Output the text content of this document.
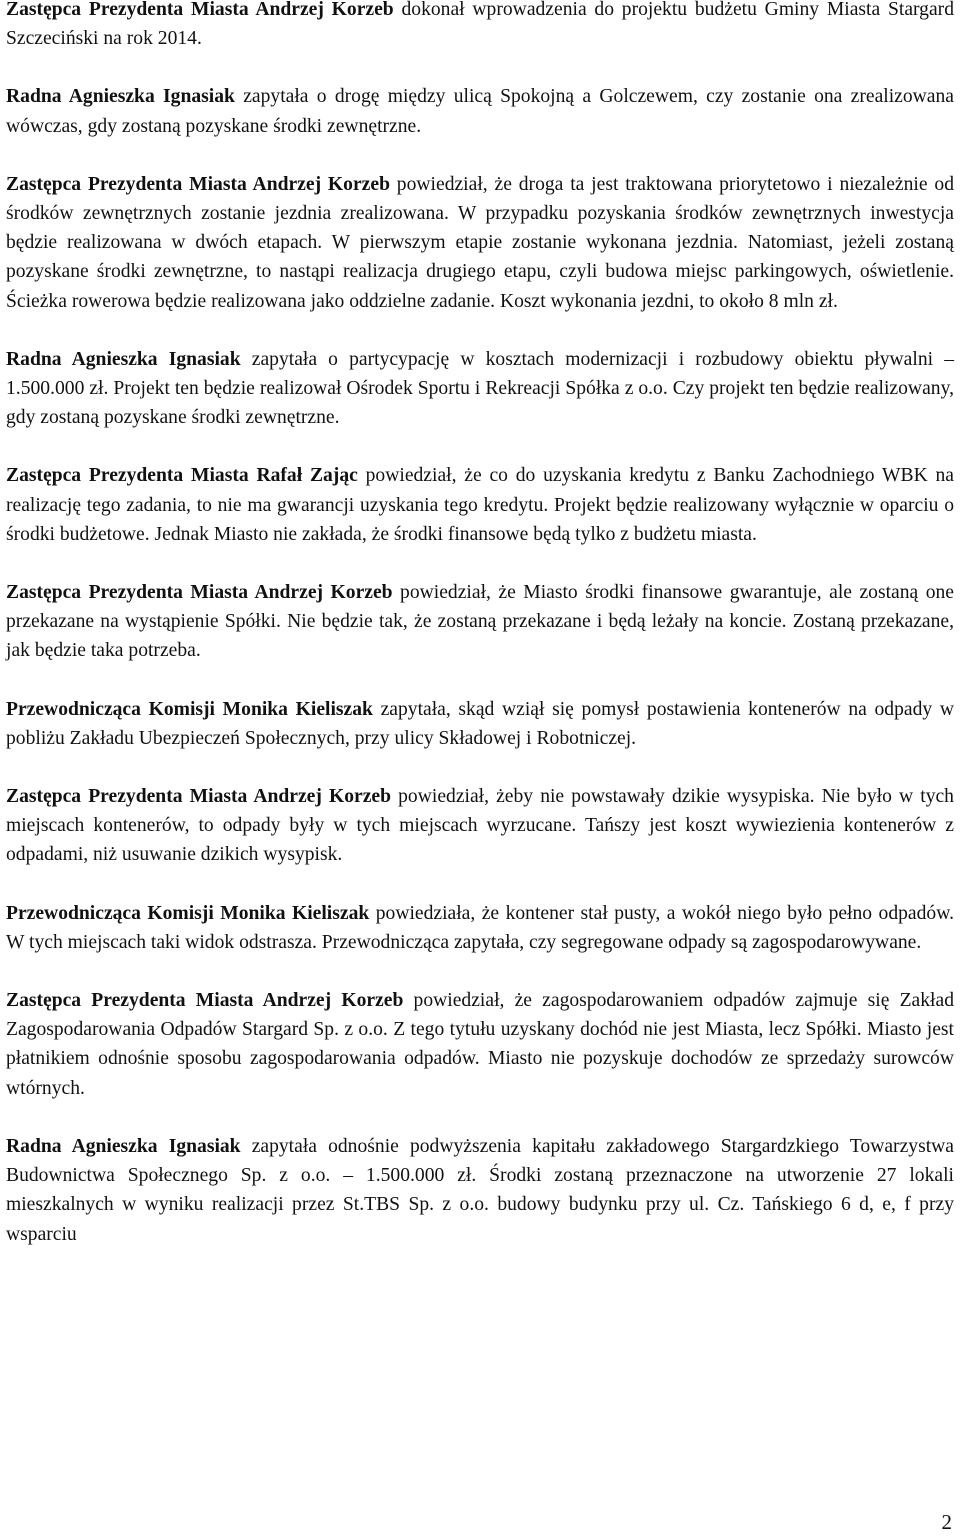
Zastępca Prezydenta Miasta Andrzej Korzeb dokonał wprowadzenia do projektu budżetu Gminy Miasta Stargard Szczeciński na rok 2014.

Radna Agnieszka Ignasiak zapytała o drogę między ulicą Spokojną a Golczewem, czy zostanie ona zrealizowana wówczas, gdy zostaną pozyskane środki zewnętrzne.

Zastępca Prezydenta Miasta Andrzej Korzeb powiedział, że droga ta jest traktowana priorytetowo i niezależnie od środków zewnętrznych zostanie jezdnia zrealizowana. W przypadku pozyskania środków zewnętrznych inwestycja będzie realizowana w dwóch etapach. W pierwszym etapie zostanie wykonana jezdnia. Natomiast, jeżeli zostaną pozyskane środki zewnętrzne, to nastąpi realizacja drugiego etapu, czyli budowa miejsc parkingowych, oświetlenie. Ścieżka rowerowa będzie realizowana jako oddzielne zadanie. Koszt wykonania jezdni, to około 8 mln zł.

Radna Agnieszka Ignasiak zapytała o partycypację w kosztach modernizacji i rozbudowy obiektu pływalni – 1.500.000 zł. Projekt ten będzie realizował Ośrodek Sportu i Rekreacji Spółka z o.o. Czy projekt ten będzie realizowany, gdy zostaną pozyskane środki zewnętrzne.

Zastępca Prezydenta Miasta Rafał Zając powiedział, że co do uzyskania kredytu z Banku Zachodniego WBK na realizację tego zadania, to nie ma gwarancji uzyskania tego kredytu. Projekt będzie realizowany wyłącznie w oparciu o środki budżetowe. Jednak Miasto nie zakłada, że środki finansowe będą tylko z budżetu miasta.

Zastępca Prezydenta Miasta Andrzej Korzeb powiedział, że Miasto środki finansowe gwarantuje, ale zostaną one przekazane na wystąpienie Spółki. Nie będzie tak, że zostaną przekazane i będą leżały na koncie. Zostaną przekazane, jak będzie taka potrzeba.

Przewodnicząca Komisji Monika Kieliszak zapytała, skąd wziął się pomysł postawienia kontenerów na odpady w pobliżu Zakładu Ubezpieczeń Społecznych, przy ulicy Składowej i Robotniczej.

Zastępca Prezydenta Miasta Andrzej Korzeb powiedział, żeby nie powstawały dzikie wysypiska. Nie było w tych miejscach kontenerów, to odpady były w tych miejscach wyrzucane. Tańszy jest koszt wywiezienia kontenerów z odpadami, niż usuwanie dzikich wysypisk.

Przewodnicząca Komisji Monika Kieliszak powiedziała, że kontener stał pusty, a wokół niego było pełno odpadów. W tych miejscach taki widok odstrasza. Przewodnicząca zapytała, czy segregowane odpady są zagospodarowywane.

Zastępca Prezydenta Miasta Andrzej Korzeb powiedział, że zagospodarowaniem odpadów zajmuje się Zakład Zagospodarowania Odpadów Stargard Sp. z o.o. Z tego tytułu uzyskany dochód nie jest Miasta, lecz Spółki. Miasto jest płatnikiem odnośnie sposobu zagospodarowania odpadów. Miasto nie pozyskuje dochodów ze sprzedaży surowców wtórnych.

Radna Agnieszka Ignasiak zapytała odnośnie podwyższenia kapitału zakładowego Stargardzkiego Towarzystwa Budownictwa Społecznego Sp. z o.o. – 1.500.000 zł. Środki zostaną przeznaczone na utworzenie 27 lokali mieszkalnych w wyniku realizacji przez St.TBS Sp. z o.o. budowy budynku przy ul. Cz. Tańskiego 6 d, e, f przy wsparciu

2
